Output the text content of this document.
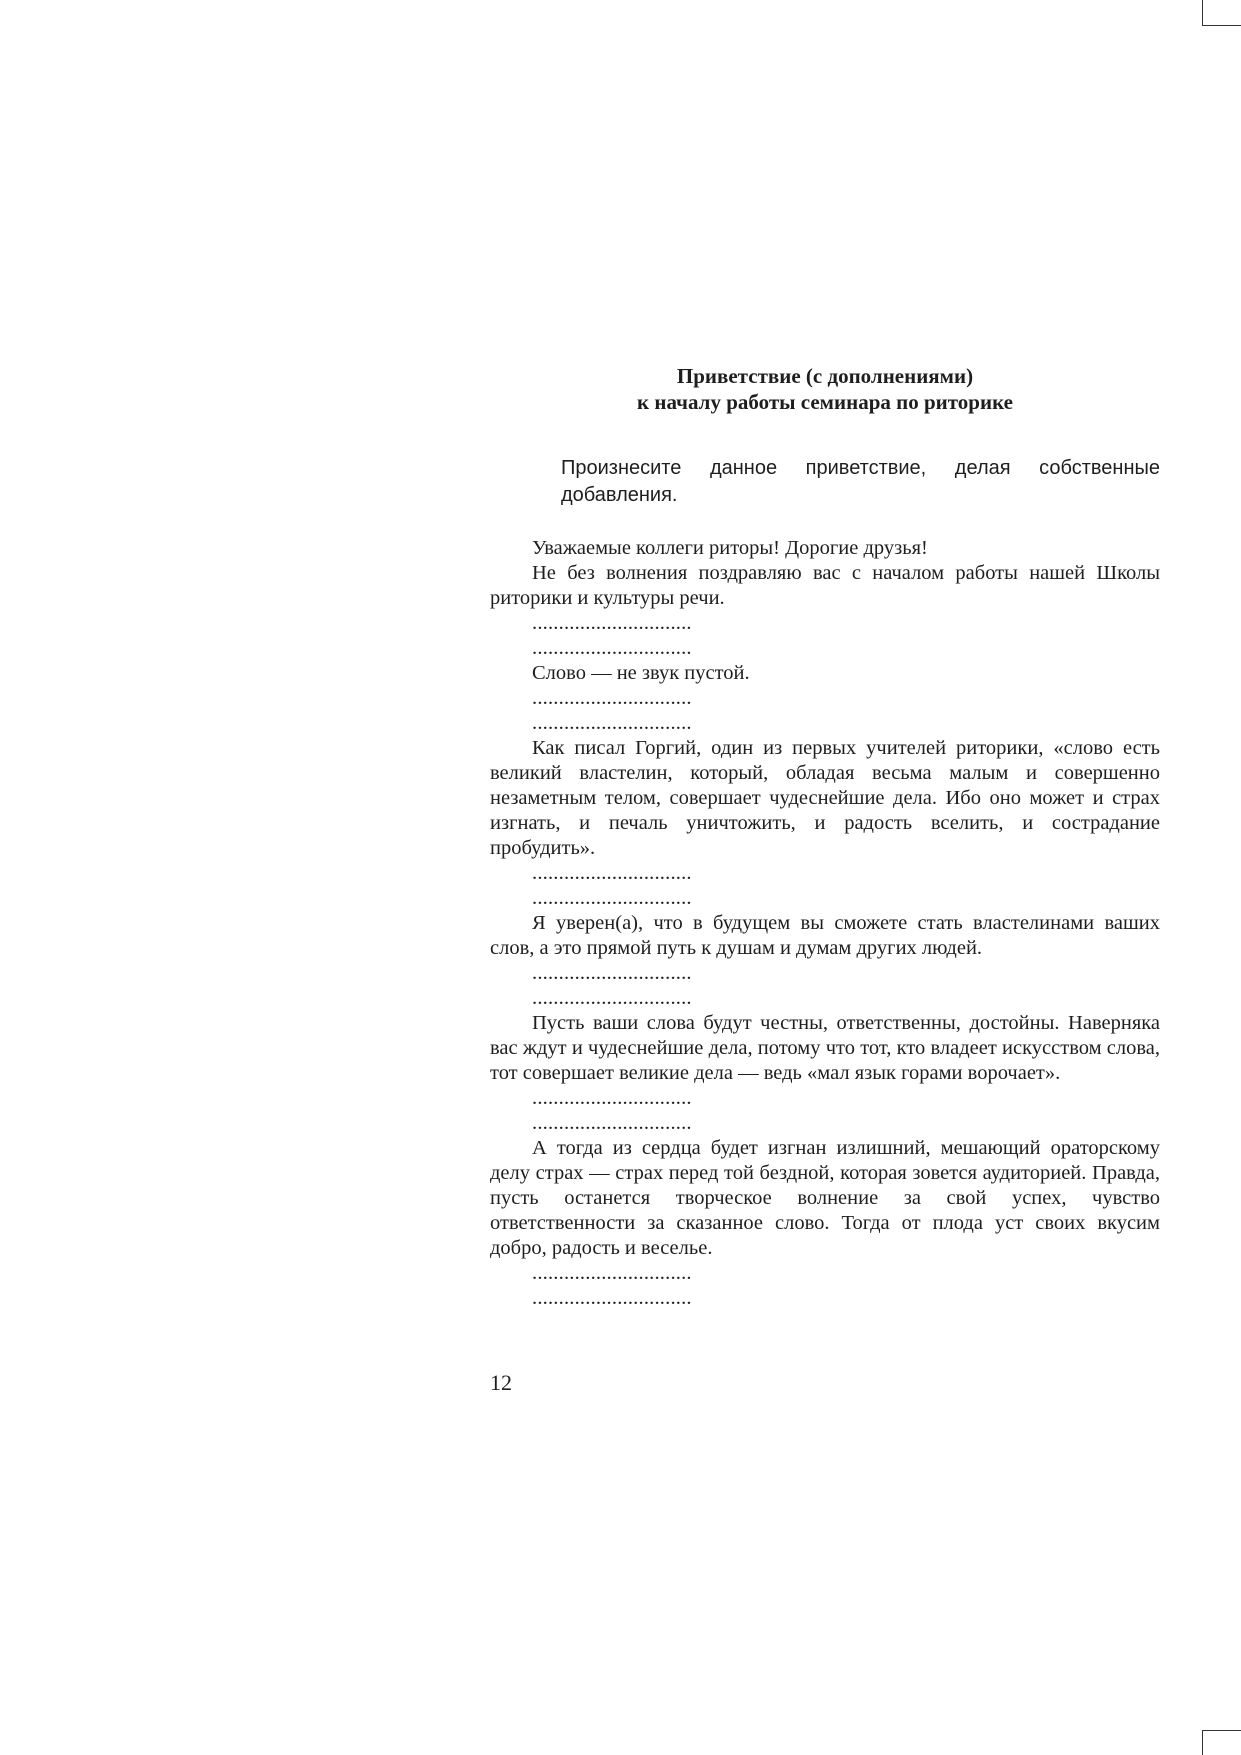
Приветствие (с дополнениями)
к началу работы семинара по риторике

Произнесите данное приветствие, делая собственные добавления.

Уважаемые коллеги риторы! Дорогие друзья!

Не без волнения поздравляю вас с началом работы нашей Школы риторики и культуры речи.

..............................
..............................

Слово — не звук пустой.

..............................
..............................

Как писал Горгий, один из первых учителей риторики, «слово есть великий властелин, который, обладая весьма малым и совершенно незаметным телом, совершает чудеснейшие дела. Ибо оно может и страх изгнать, и печаль уничтожить, и радость вселить, и сострадание пробудить».

..............................
..............................

Я уверен(а), что в будущем вы сможете стать властелинами ваших слов, а это прямой путь к душам и думам других людей.

..............................
..............................

Пусть ваши слова будут честны, ответственны, достойны. Наверняка вас ждут и чудеснейшие дела, потому что тот, кто владеет искусством слова, тот совершает великие дела — ведь «мал язык горами ворочает».

..............................
..............................

А тогда из сердца будет изгнан излишний, мешающий ораторскому делу страх — страх перед той бездной, которая зовется аудиторией. Правда, пусть останется творческое волнение за свой успех, чувство ответственности за сказанное слово. Тогда от плода уст своих вкусим добро, радость и веселье.

..............................
..............................
12
